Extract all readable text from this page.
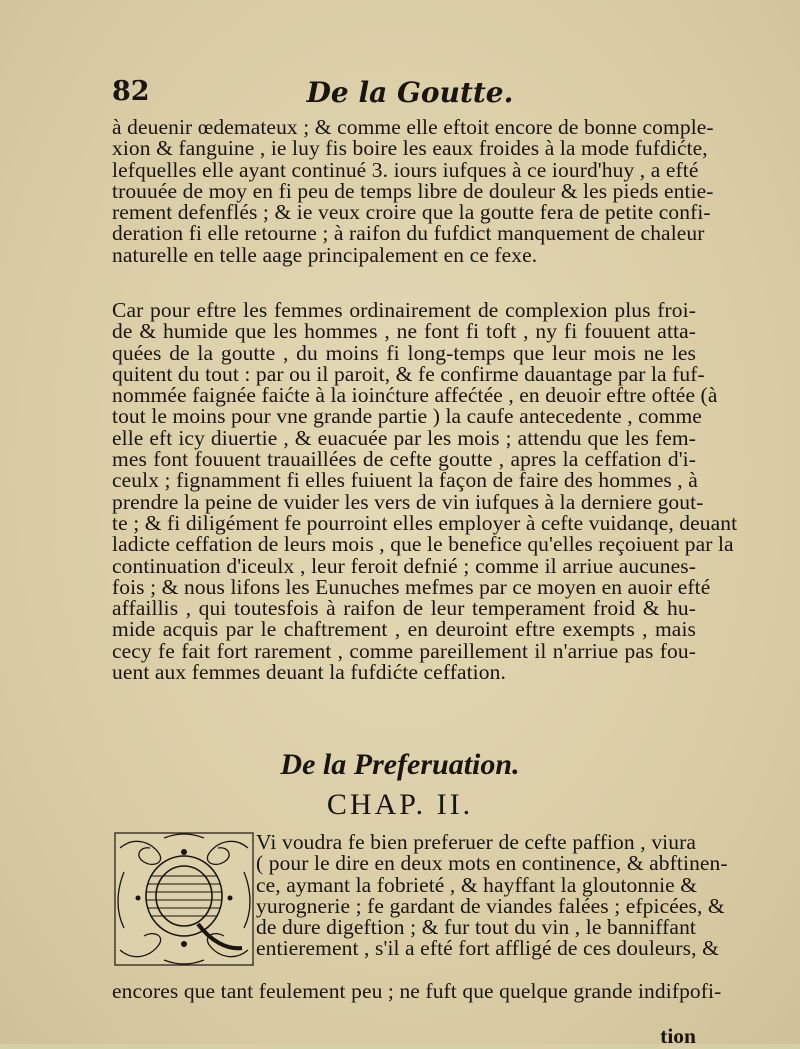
82	De la Goutte.
à deuenir œdemateux ; & comme elle eftoit encore de bonne comple-
xion & fanguine , ie luy fis boire les eaux froides à la mode fufdićte,
lefquelles elle ayant continué 3. iours iufques à ce iourd'huy , a efté
trouuée de moy en fi peu de temps libre de douleur & les pieds entie-
rement defenflés ; & ie veux croire que la goutte fera de petite confi-
deration fi elle retourne ; à raifon du fufdict manquement de chaleur
naturelle en telle aage principalement en ce fexe.
Car pour eftre les femmes ordinairement de complexion plus froi-
de & humide que les hommes , ne font fi toft , ny fi fouuent atta-
quées de la goutte , du moins fi long-temps que leur mois ne les
quitent du tout : par ou il paroit, & fe confirme dauantage par la fuf-
nommée faignée faićte à la ioinćture affećtée , en deuoir eftre oftée (à
tout le moins pour vne grande partie ) la caufe antecedente , comme
elle eft icy diuertie , & euacuée par les mois ; attendu que les fem-
mes font fouuent trauaillées de cefte goutte , apres la ceffation d'i-
ceulx ; fignamment fi elles fuiuent la façon de faire des hommes , à
prendre la peine de vuider les vers de vin iufques à la derniere gout-
te ; & fi diligément fe pourroint elles employer à cefte vuidanqe, deuant
ladicte ceffation de leurs mois , que le benefice qu'elles reçoiuent par la
continuation d'iceulx , leur feroit defnié ; comme il arriue aucunes-
fois ; & nous lifons les Eunuches mefmes par ce moyen en auoir efté
affaillis , qui toutesfois à raifon de leur temperament froid & hu-
mide acquis par le chaftrement , en deuroint eftre exempts , mais
cecy fe fait fort rarement , comme pareillement il n'arriue pas fou-
uent aux femmes deuant la fufdićte ceffation.
De la Preferuation.
CHAP. II.
Vi voudra fe bien preferuer de cefte paffion , viura
( pour le dire en deux mots en continence, & abftinen-
ce, aymant la fobrieté , & hayffant la gloutonnie &
yurognerie ; fe gardant de viandes falées ; efpicées, &
de dure digeftion ; & fur tout du vin , le banniffant
entierement , s'il a efté fort affligé de ces douleurs, &
encores que tant feulement peu ; ne fuft que quelque grande indifpofi-
tion
